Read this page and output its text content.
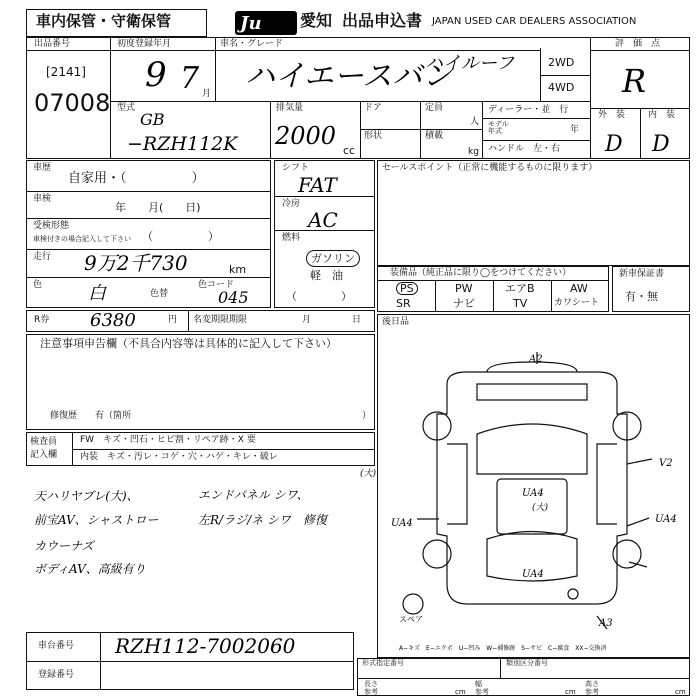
車内保管・守衛保管	Ju 愛知 出品申込書 JAPAN USED CAR DEALERS ASSOCIATION
出品番号
[2141]
07008
初度登録年月
9 7 月
車名・グレード
ハイエースバン
ハイルーフ	2WD
4WD
評　価　点
R
外　装	内　装
D D
型式
GB
−RZH112K
排気量
2000
cc
ドア
形状
定員
人
積載
kg
ディーラー・並　行
モデル
年式	年
ハンドル　左・右
車歴
自家用・（　　　　　）
車検
年　　月(　　日)
受検形態
車検付きの場合記入して下さい （　　　　　）
走行 9万2千730	km
色	白	色替
色コード
045
シフト
FAT
冷房
AC
燃料
ガソリン
軽　油
（　　　　）
R券 6380	円 名変期限期限	月	日
セールスポイント（正常に機能するものに限ります）
装備品（純正品に限り◯をつけてください）
PS	PW	エアB	AW
SR	ナビ	TV	カワシート
新車保証書
有・無
後日品
注意事項申告欄（不具合内容等は具体的に記入して下さい）
修復歴　　有（箇所	）
検査員
記入欄
FW　キズ・凹石・ヒビ割・リペア跡・X 要
内装　キズ・汚レ・コゲ・穴・ハゲ・キレ・破レ
(大)
天ハリヤブレ(大)、	エンドパネル シワ、
前宝AV、シャストロー	左R/ラジ/ネ シワ　修復
カウーナズ
ボディAV、高級有り
A2
V2
UA4
(大)
UA4	UA4
UA4
A3
スペア
A−キズ　E−エクボ　U−凹み　W−補修跡　S−サビ　C−腐食　XX−交換済
車台番号 RZH112-7002060
登録番号
形式指定番号	類別区分番号
長さ	幅	高さ
参考	参考	参考
cm	cm	cm
